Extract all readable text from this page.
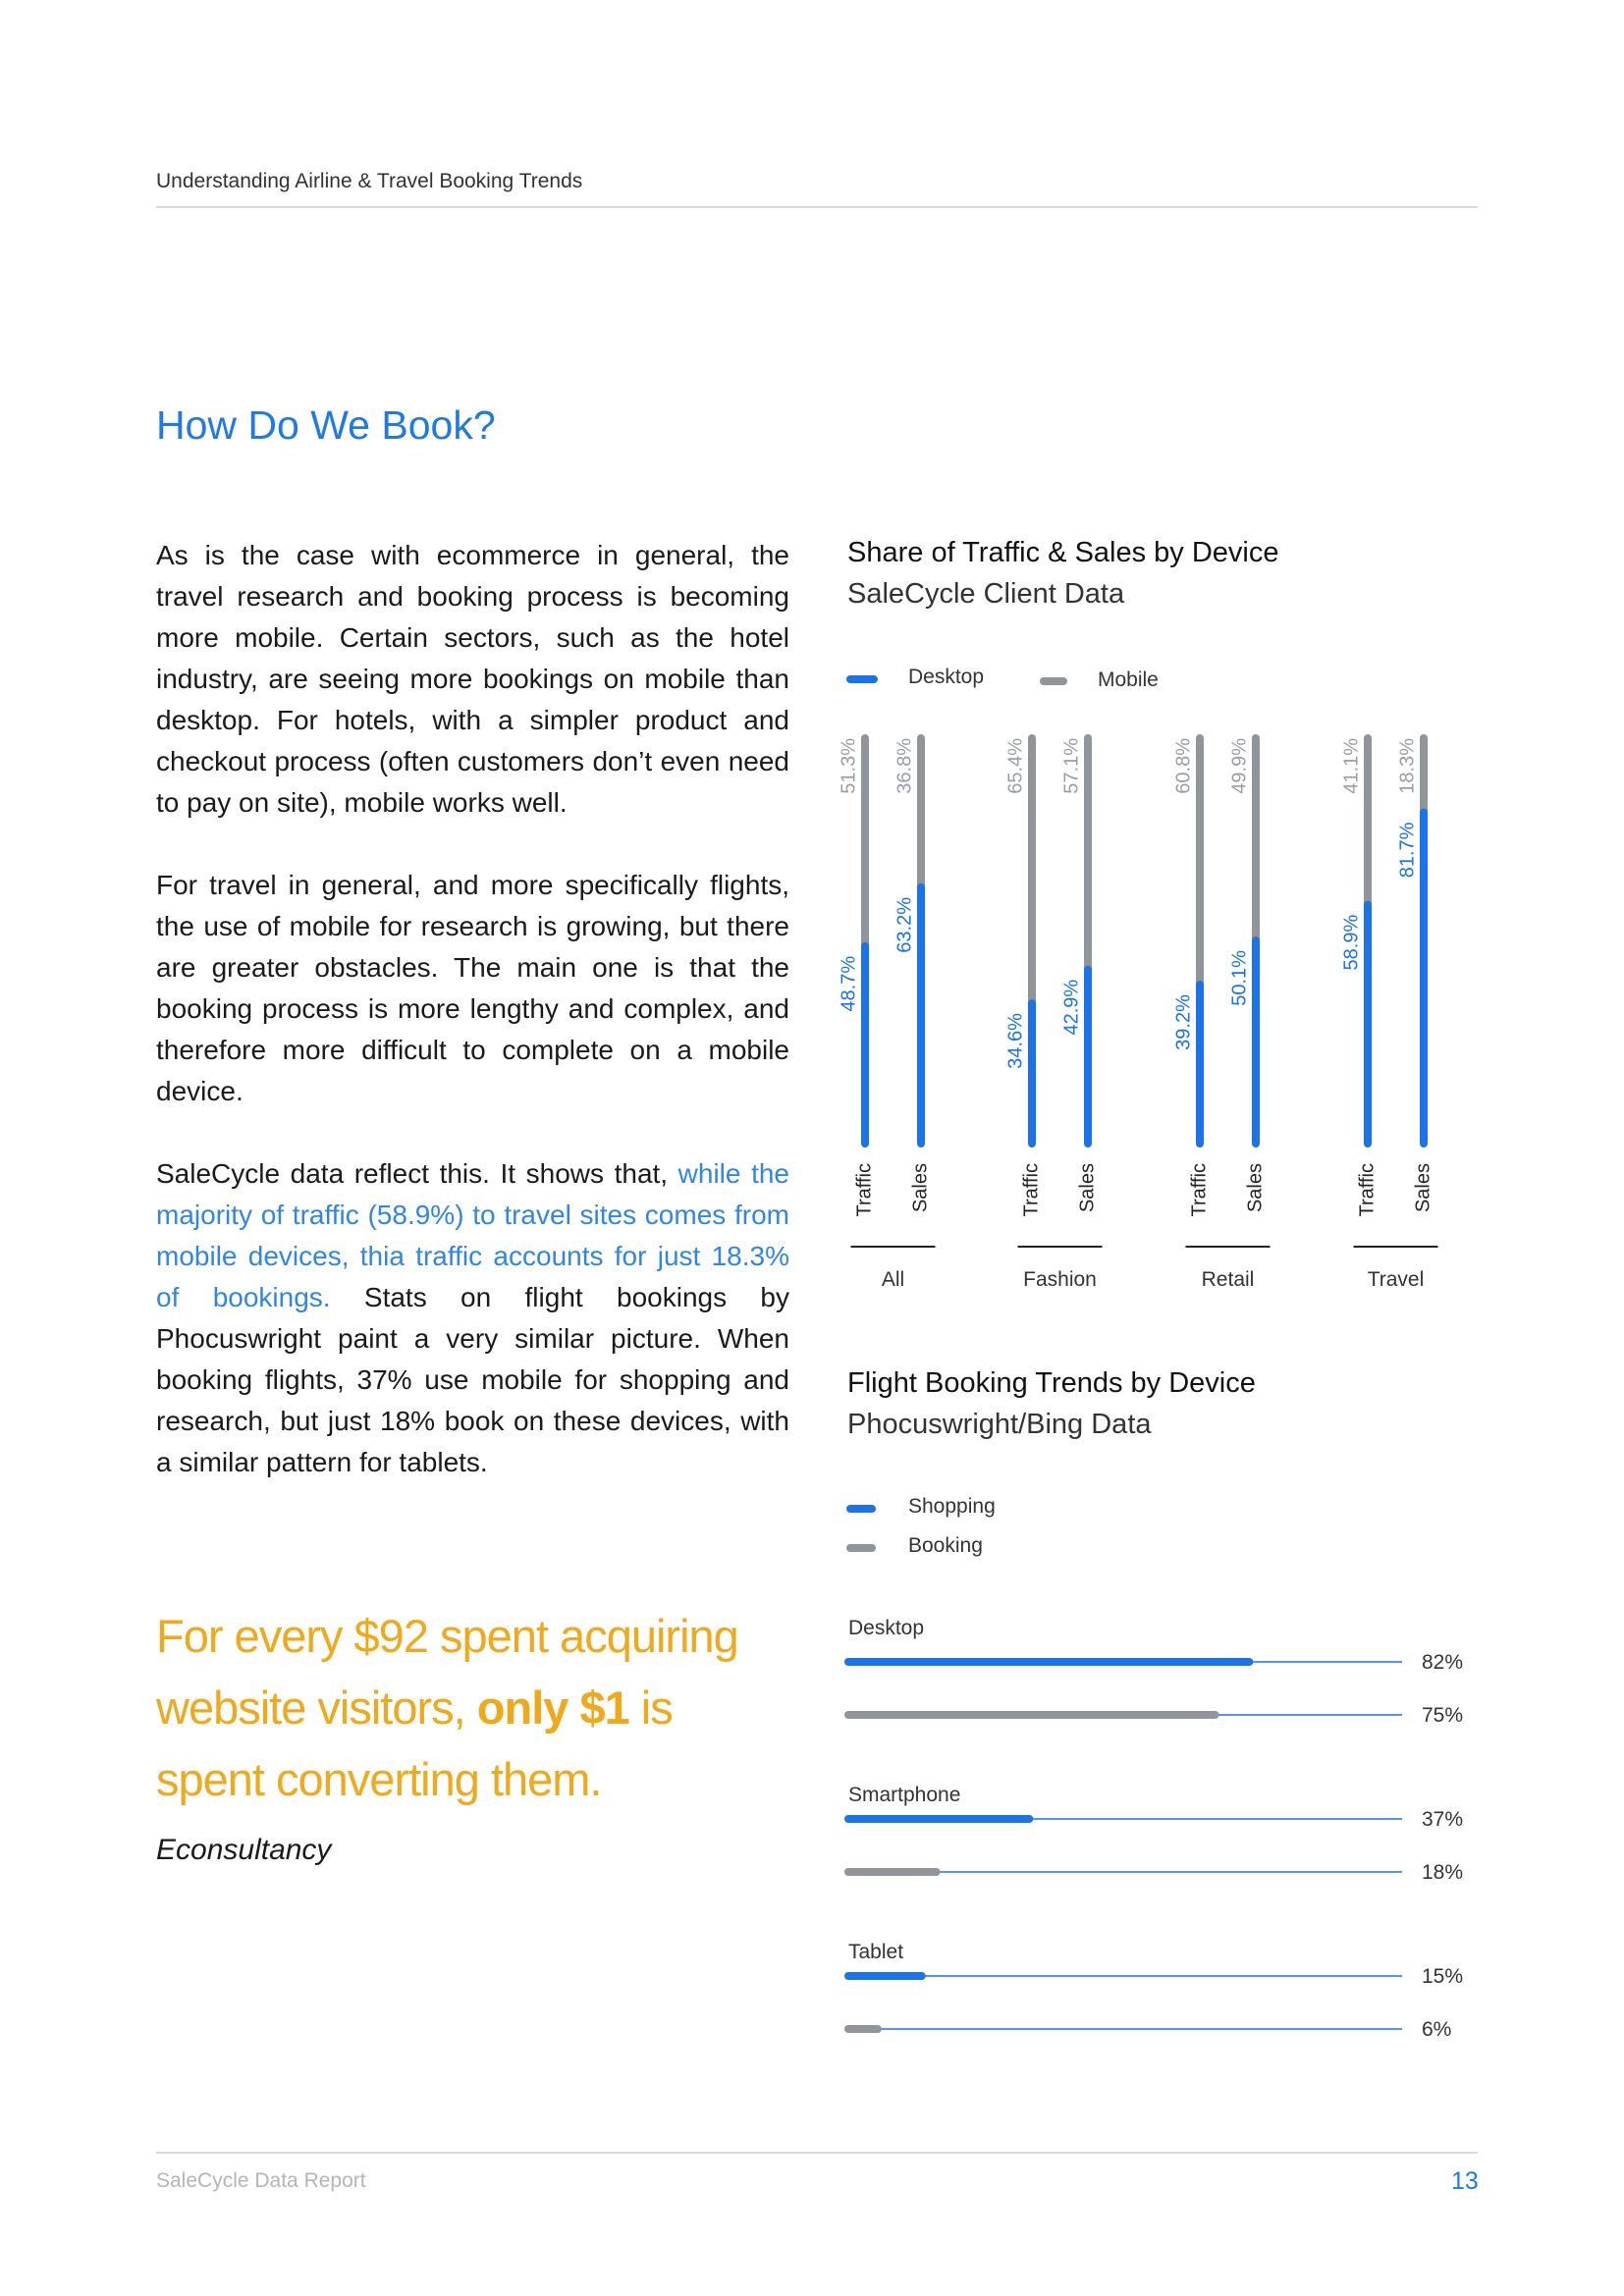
Understanding Airline & Travel Booking Trends
How Do We Book?

As is the case with ecommerce in general, the travel research and booking process is becoming more mobile. Certain sectors, such as the hotel industry, are seeing more bookings on mobile than desktop. For hotels, with a simpler product and checkout process (often customers don’t even need to pay on site), mobile works well.

For travel in general, and more specifically flights, the use of mobile for research is growing, but there are greater obstacles. The main one is that the booking process is more lengthy and complex, and therefore more difficult to complete on a mobile device.

SaleCycle data reflect this. It shows that, while the majority of traffic (58.9%) to travel sites comes from mobile devices, thia traffic accounts for just 18.3% of bookings. Stats on flight bookings by Phocuswright paint a very similar picture. When booking flights, 37% use mobile for shopping and research, but just 18% book on these devices, with a similar pattern for tablets.

For every $92 spent acquiring website visitors, only $1 is spent converting them.
Econsultancy
Share of Traffic & Sales by Device
SaleCycle Client Data
Desktop	Mobile
51.3%
48.7%
Traffic
36.8%
63.2%
Sales
All
65.4%
34.6%
Traffic
57.1%
42.9%
Sales
Fashion
60.8%
39.2%
Traffic
49.9%
50.1%
Sales
Retail
41.1%
58.9%
Traffic
18.3%
81.7%
Sales
Travel
Flight Booking Trends by Device
Phocuswright/Bing Data
Shopping
Booking
Desktop
82%
75%
Smartphone
37%
18%
Tablet
15%
6%
SaleCycle Data Report	13
